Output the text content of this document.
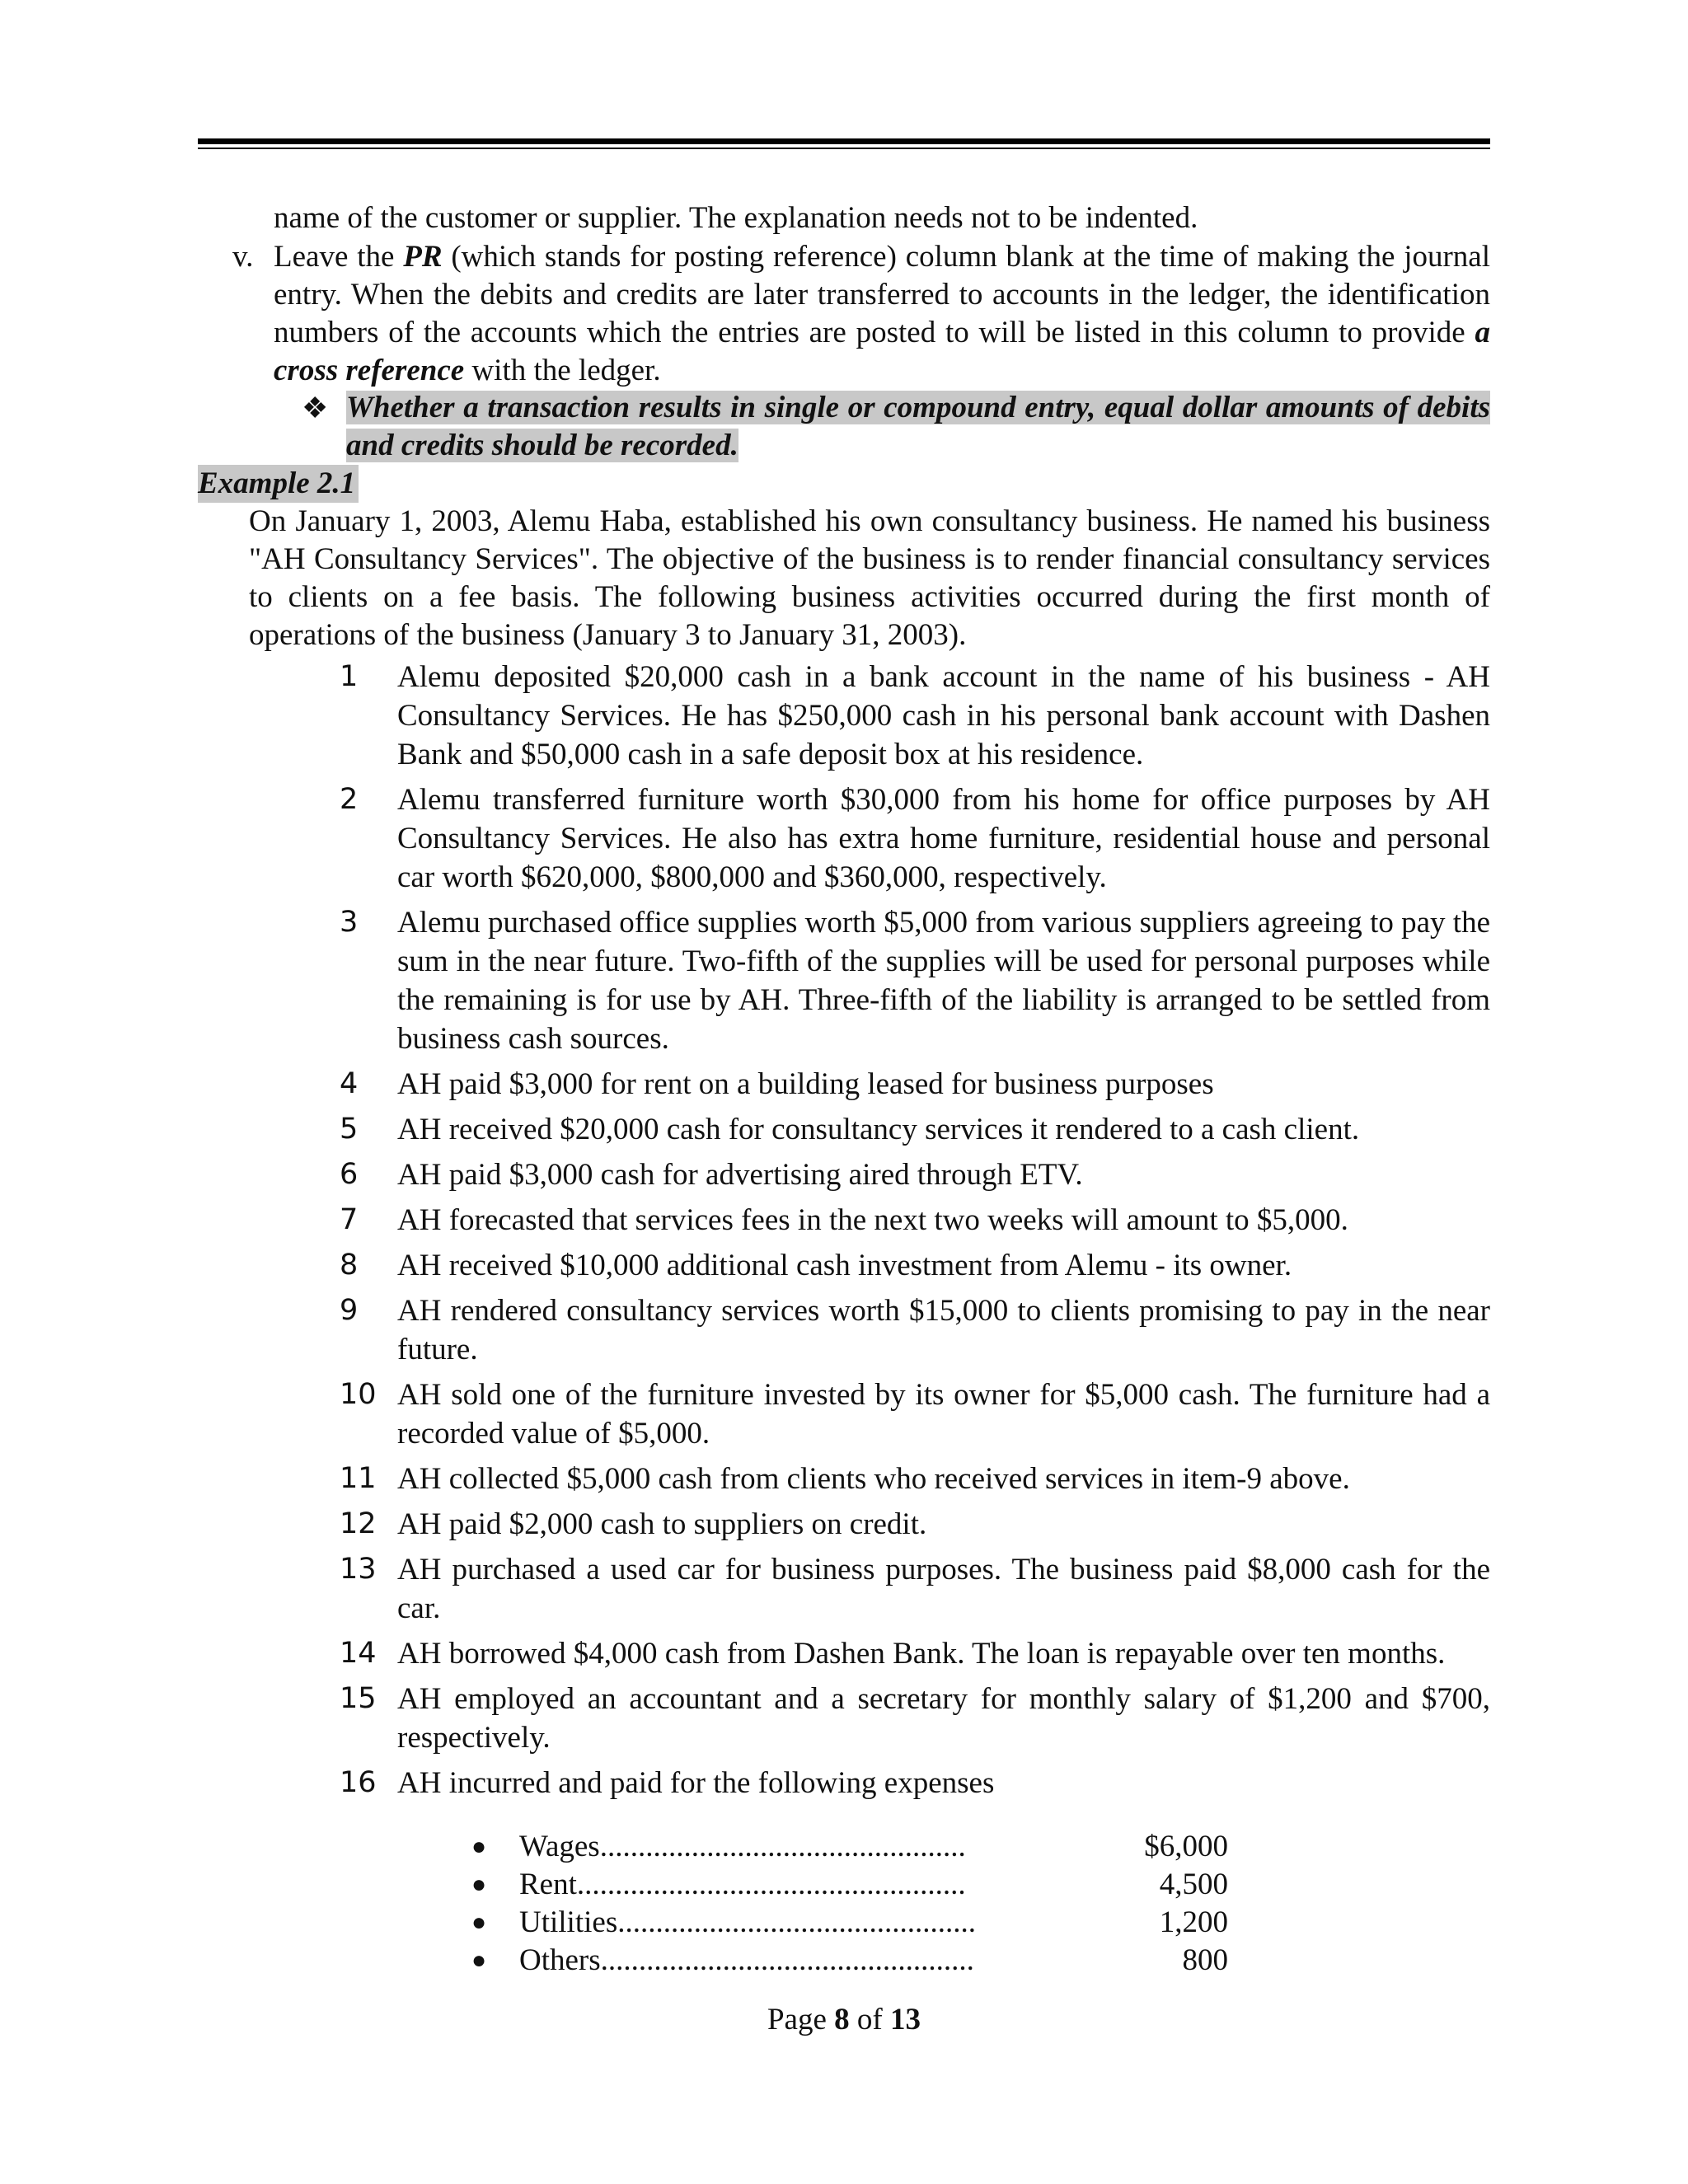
name of the customer or supplier. The explanation needs not to be indented.

v. Leave the PR (which stands for posting reference) column blank at the time of making the journal entry. When the debits and credits are later transferred to accounts in the ledger, the identification numbers of the accounts which the entries are posted to will be listed in this column to provide a cross reference with the ledger.

❖ Whether a transaction results in single or compound entry, equal dollar amounts of debits and credits should be recorded.

Example 2.1

On January 1, 2003, Alemu Haba, established his own consultancy business. He named his business "AH Consultancy Services". The objective of the business is to render financial consultancy services to clients on a fee basis. The following business activities occurred during the first month of operations of the business (January 3 to January 31, 2003).

1 Alemu deposited $20,000 cash in a bank account in the name of his business - AH Consultancy Services. He has $250,000 cash in his personal bank account with Dashen Bank and $50,000 cash in a safe deposit box at his residence.
2 Alemu transferred furniture worth $30,000 from his home for office purposes by AH Consultancy Services. He also has extra home furniture, residential house and personal car worth $620,000, $800,000 and $360,000, respectively.
3 Alemu purchased office supplies worth $5,000 from various suppliers agreeing to pay the sum in the near future. Two-fifth of the supplies will be used for personal purposes while the remaining is for use by AH. Three-fifth of the liability is arranged to be settled from business cash sources.
4 AH paid $3,000 for rent on a building leased for business purposes
5 AH received $20,000 cash for consultancy services it rendered to a cash client.
6 AH paid $3,000 cash for advertising aired through ETV.
7 AH forecasted that services fees in the next two weeks will amount to $5,000.
8 AH received $10,000 additional cash investment from Alemu - its owner.
9 AH rendered consultancy services worth $15,000 to clients promising to pay in the near future.
10 AH sold one of the furniture invested by its owner for $5,000 cash. The furniture had a recorded value of $5,000.
11 AH collected $5,000 cash from clients who received services in item-9 above.
12 AH paid $2,000 cash to suppliers on credit.
13 AH purchased a used car for business purposes. The business paid $8,000 cash for the car.
14 AH borrowed $4,000 cash from Dashen Bank. The loan is repayable over ten months.
15 AH employed an accountant and a secretary for monthly salary of $1,200 and $700, respectively.
16 AH incurred and paid for the following expenses
● Wages................................................	$6,000
● Rent...................................................	4,500
● Utilities...............................................	1,200
● Others.................................................	800
Page 8 of 13
